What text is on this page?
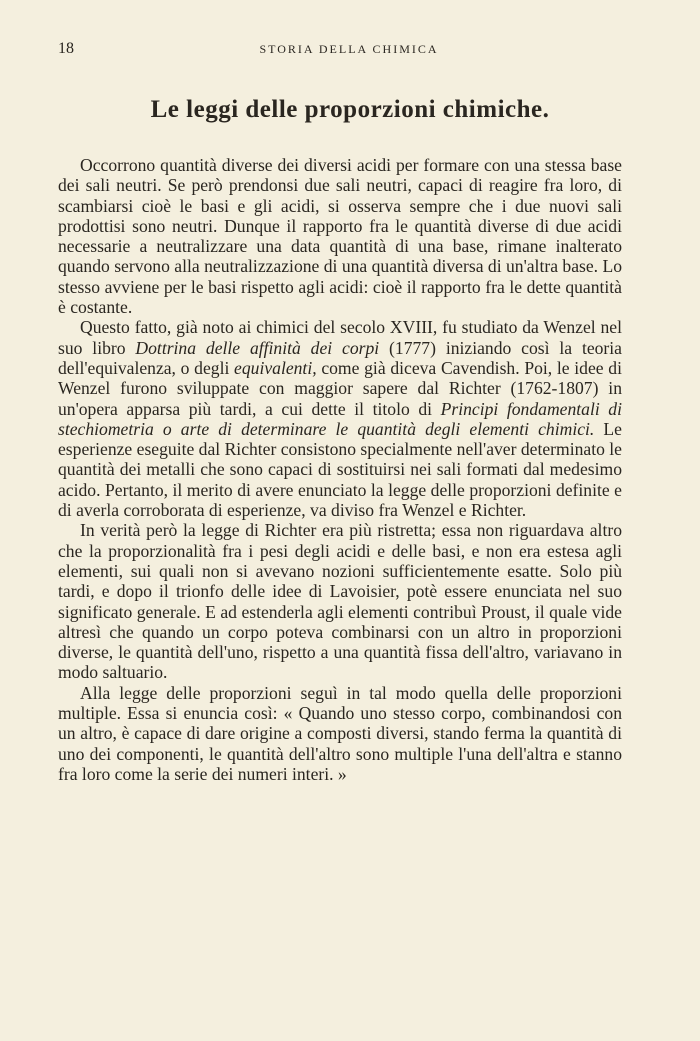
18	STORIA DELLA CHIMICA
Le leggi delle proporzioni chimiche.

Occorrono quantità diverse dei diversi acidi per formare con una stessa base dei sali neutri. Se però prendonsi due sali neutri, capaci di reagire fra loro, di scambiarsi cioè le basi e gli acidi, si osserva sempre che i due nuovi sali prodottisi sono neutri. Dunque il rapporto fra le quantità diverse di due acidi necessarie a neutralizzare una data quantità di una base, rimane inalterato quando servono alla neutralizzazione di una quantità diversa di un'altra base. Lo stesso avviene per le basi rispetto agli acidi: cioè il rapporto fra le dette quantità è costante.

Questo fatto, già noto ai chimici del secolo XVIII, fu studiato da Wenzel nel suo libro Dottrina delle affinità dei corpi (1777) iniziando così la teoria dell'equivalenza, o degli equivalenti, come già diceva Cavendish. Poi, le idee di Wenzel furono sviluppate con maggior sapere dal Richter (1762-1807) in un'opera apparsa più tardi, a cui dette il titolo di Principi fondamentali di stechiometria o arte di determinare le quantità degli elementi chimici. Le esperienze eseguite dal Richter consistono specialmente nell'aver determinato le quantità dei metalli che sono capaci di sostituirsi nei sali formati dal medesimo acido. Pertanto, il merito di avere enunciato la legge delle proporzioni definite e di averla corroborata di esperienze, va diviso fra Wenzel e Richter.

In verità però la legge di Richter era più ristretta; essa non riguardava altro che la proporzionalità fra i pesi degli acidi e delle basi, e non era estesa agli elementi, sui quali non si avevano nozioni sufficientemente esatte. Solo più tardi, e dopo il trionfo delle idee di Lavoisier, potè essere enunciata nel suo significato generale. E ad estenderla agli elementi contribuì Proust, il quale vide altresì che quando un corpo poteva combinarsi con un altro in proporzioni diverse, le quantità dell'uno, rispetto a una quantità fissa dell'altro, variavano in modo saltuario.

Alla legge delle proporzioni seguì in tal modo quella delle proporzioni multiple. Essa si enuncia così: « Quando uno stesso corpo, combinandosi con un altro, è capace di dare origine a composti diversi, stando ferma la quantità di uno dei componenti, le quantità dell'altro sono multiple l'una dell'altra e stanno fra loro come la serie dei numeri interi. »
